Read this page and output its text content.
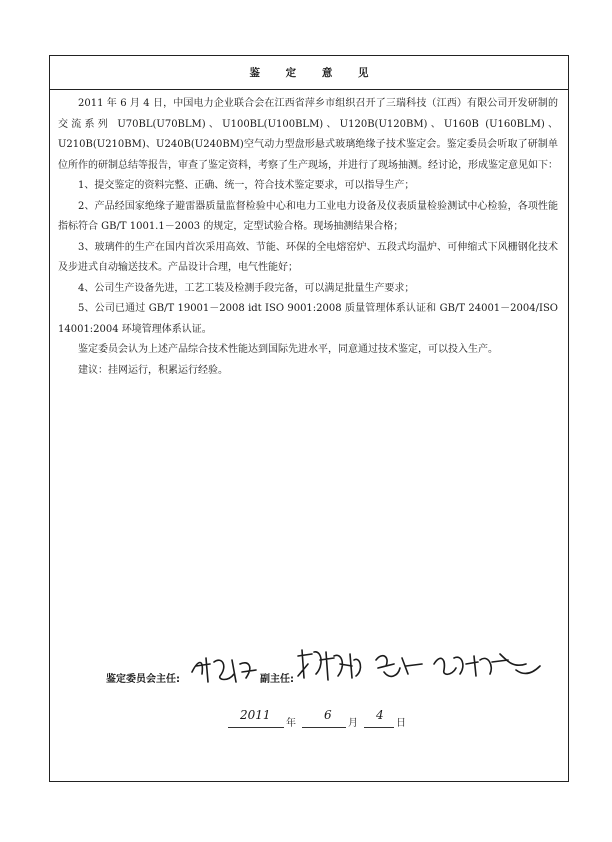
鉴 定 意 见

2011 年 6 月 4 日，中国电力企业联合会在江西省萍乡市组织召开了三瑞科技（江西）有限公司开发研制的交流系列 U70BL(U70BLM)、U100BL(U100BLM)、U120B(U120BM)、U160B (U160BLM)、U210B(U210BM)、U240B(U240BM)空气动力型盘形悬式玻璃绝缘子技术鉴定会。鉴定委员会听取了研制单位所作的研制总结等报告，审查了鉴定资料，考察了生产现场，并进行了现场抽测。经讨论，形成鉴定意见如下：

1、提交鉴定的资料完整、正确、统一，符合技术鉴定要求，可以指导生产；

2、产品经国家绝缘子避雷器质量监督检验中心和电力工业电力设备及仪表质量检验测试中心检验，各项性能指标符合 GB/T 1001.1－2003 的规定，定型试验合格。现场抽测结果合格；

3、玻璃件的生产在国内首次采用高效、节能、环保的全电熔窑炉、五段式均温炉、可伸缩式下风栅钢化技术及步进式自动输送技术。产品设计合理，电气性能好；

4、公司生产设备先进，工艺工装及检测手段完备，可以满足批量生产要求；

5、公司已通过 GB/T 19001－2008 idt ISO 9001:2008 质量管理体系认证和 GB/T 24001－2004/ISO 14001:2004 环境管理体系认证。

鉴定委员会认为上述产品综合技术性能达到国际先进水平，同意通过技术鉴定，可以投入生产。

建议：挂网运行，积累运行经验。

鉴定委员会主任:	副主任:
2011
年
6
月
4
日
